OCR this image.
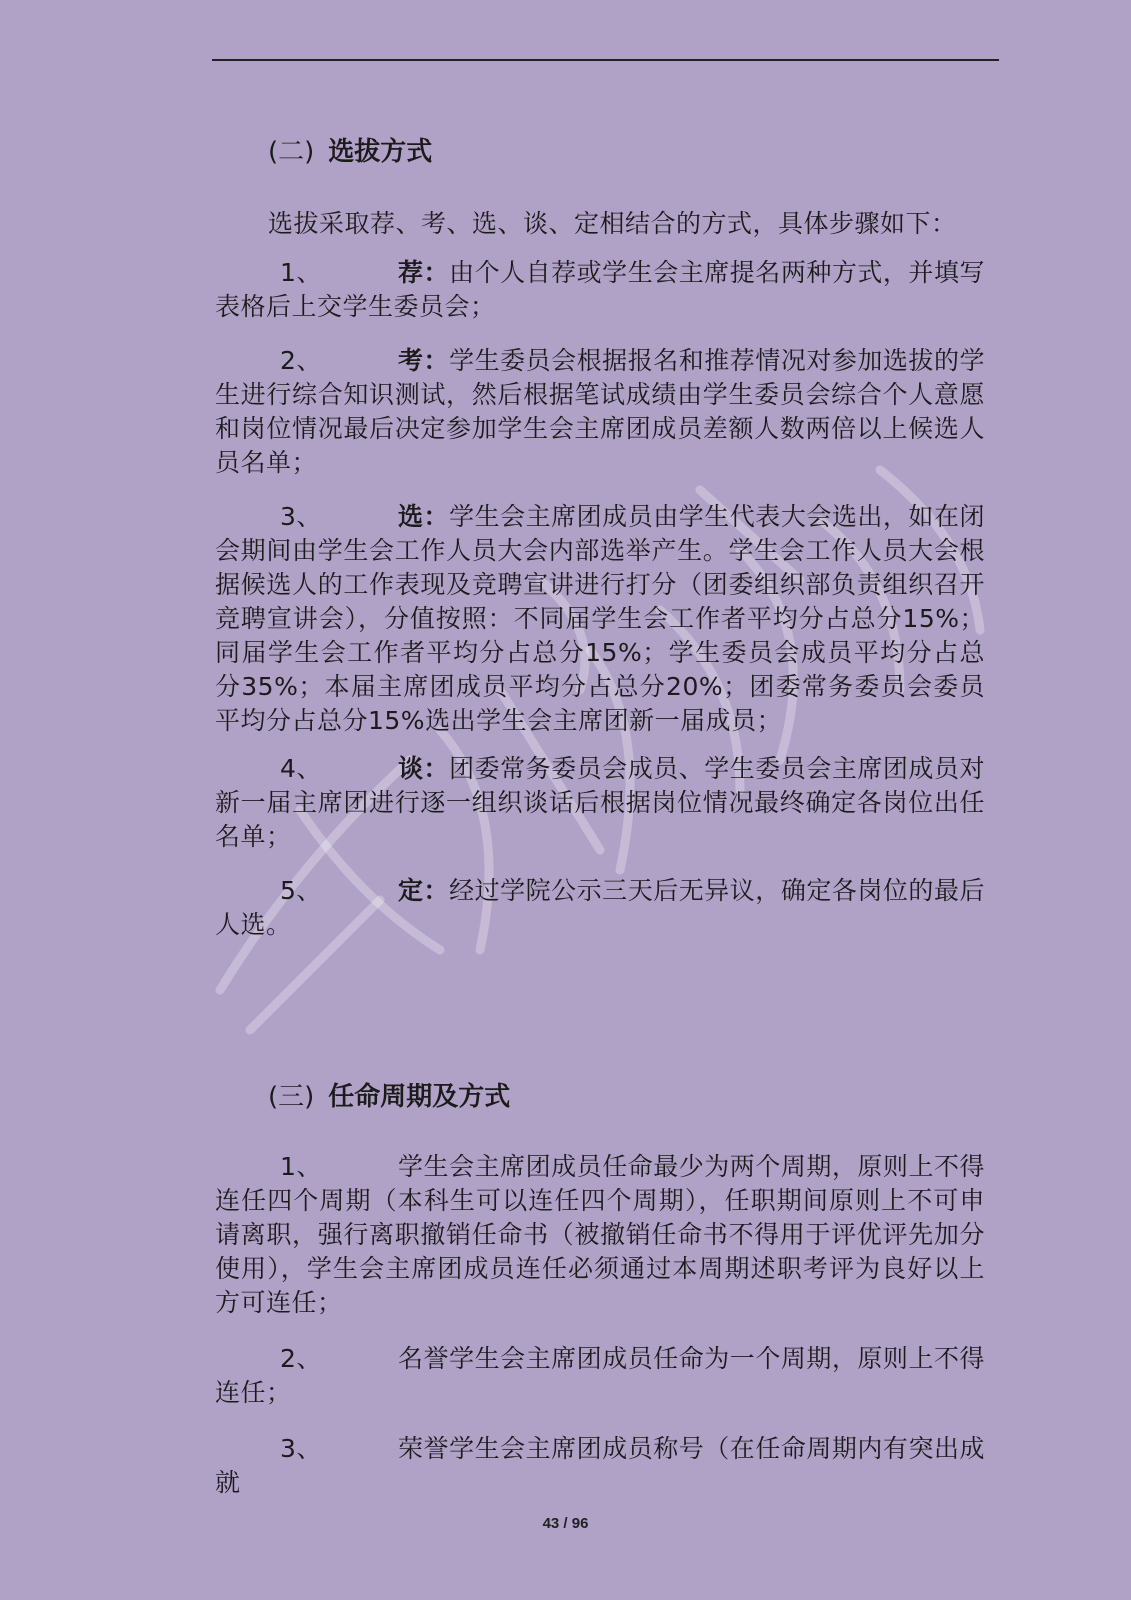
(二) 选拔方式
选拔采取荐、考、选、谈、定相结合的方式，具体步骤如下：
1、	荐：由个人自荐或学生会主席提名两种方式，并填写表格后上交学生委员会；
2、	考：学生委员会根据报名和推荐情况对参加选拔的学生进行综合知识测试，然后根据笔试成绩由学生委员会综合个人意愿和岗位情况最后决定参加学生会主席团成员差额人数两倍以上候选人员名单；
3、	选：学生会主席团成员由学生代表大会选出，如在闭会期间由学生会工作人员大会内部选举产生。学生会工作人员大会根据候选人的工作表现及竞聘宣讲进行打分（团委组织部负责组织召开竞聘宣讲会），分值按照：不同届学生会工作者平均分占总分15%；同届学生会工作者平均分占总分15%；学生委员会成员平均分占总分35%；本届主席团成员平均分占总分20%；团委常务委员会委员平均分占总分15%选出学生会主席团新一届成员；
4、	谈：团委常务委员会成员、学生委员会主席团成员对新一届主席团进行逐一组织谈话后根据岗位情况最终确定各岗位出任名单；
5、	定：经过学院公示三天后无异议，确定各岗位的最后人选。
(三) 任命周期及方式
1、	学生会主席团成员任命最少为两个周期，原则上不得连任四个周期（本科生可以连任四个周期），任职期间原则上不可申请离职，强行离职撤销任命书（被撤销任命书不得用于评优评先加分使用），学生会主席团成员连任必须通过本周期述职考评为良好以上方可连任；
2、	名誉学生会主席团成员任命为一个周期，原则上不得连任；
3、	荣誉学生会主席团成员称号（在任命周期内有突出成就
43 / 96
